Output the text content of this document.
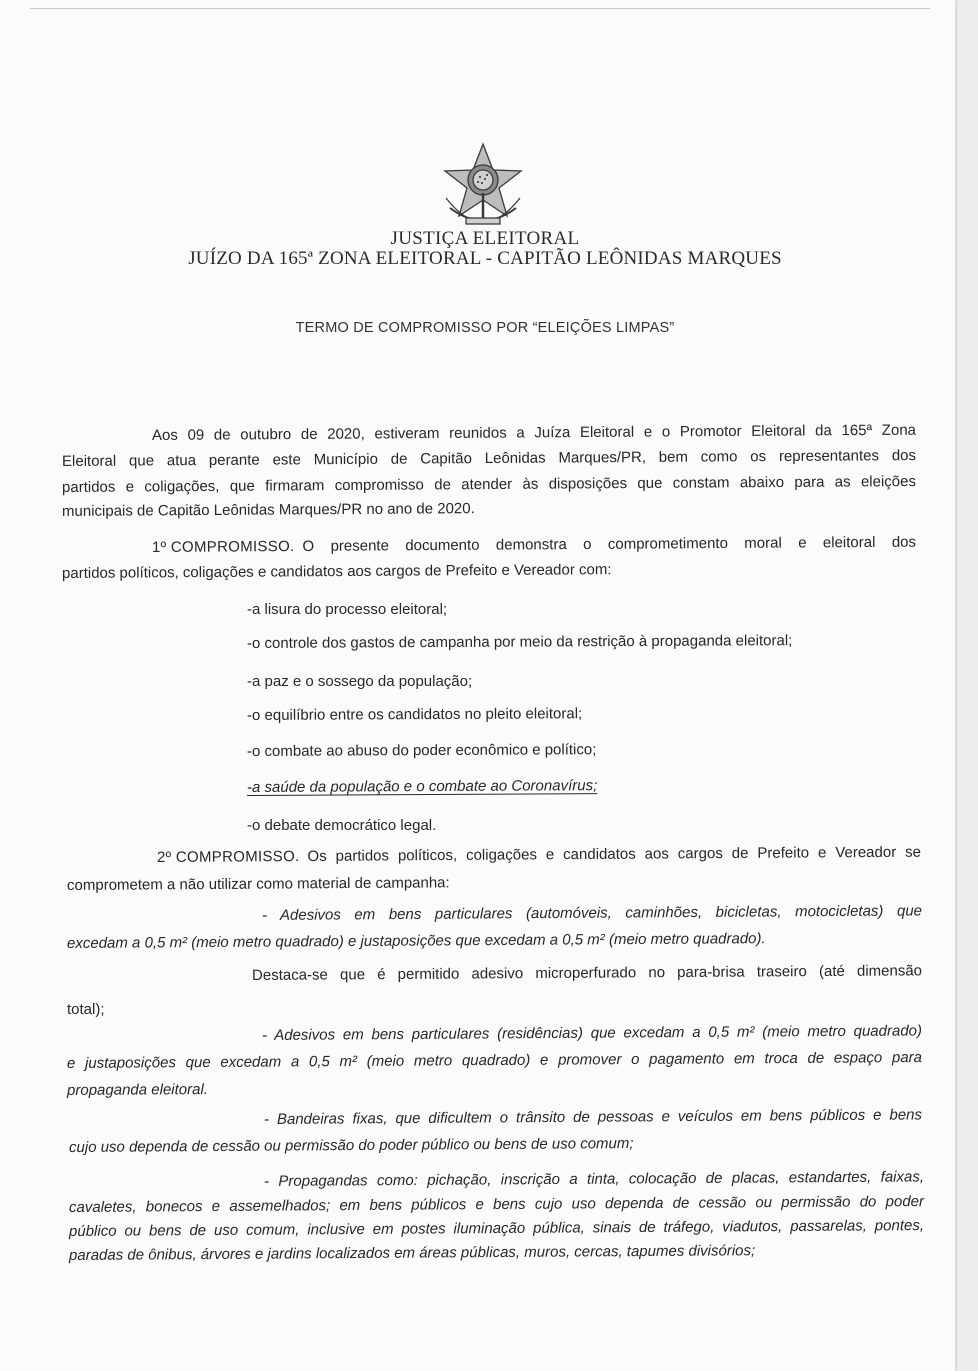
JUSTIÇA ELEITORAL
JUÍZO DA 165ª ZONA ELEITORAL - CAPITÃO LEÔNIDAS MARQUES
TERMO DE COMPROMISSO POR “ELEIÇÕES LIMPAS”
Aos 09 de outubro de 2020, estiveram reunidos a Juíza Eleitoral e o Promotor Eleitoral da 165ª Zona
Eleitoral que atua perante este Município de Capitão Leônidas Marques/PR, bem como os representantes dos
partidos e coligações, que firmaram compromisso de atender às disposições que constam abaixo para as eleições
municipais de Capitão Leônidas Marques/PR no ano de 2020.
1º COMPROMISSO. O presente documento demonstra o comprometimento moral e eleitoral dos
partidos políticos, coligações e candidatos aos cargos de Prefeito e Vereador com:
-a lisura do processo eleitoral;
-o controle dos gastos de campanha por meio da restrição à propaganda eleitoral;
-a paz e o sossego da população;
-o equilíbrio entre os candidatos no pleito eleitoral;
-o combate ao abuso do poder econômico e político;
-a saúde da população e o combate ao Coronavírus;
-o debate democrático legal.
2º COMPROMISSO. Os partidos políticos, coligações e candidatos aos cargos de Prefeito e Vereador se
comprometem a não utilizar como material de campanha:
- Adesivos em bens particulares (automóveis, caminhões, bicicletas, motocicletas) que
excedam a 0,5 m² (meio metro quadrado) e justaposições que excedam a 0,5 m² (meio metro quadrado).
Destaca-se que é permitido adesivo microperfurado no para-brisa traseiro (até dimensão
total);
- Adesivos em bens particulares (residências) que excedam a 0,5 m² (meio metro quadrado)
e justaposições que excedam a 0,5 m² (meio metro quadrado) e promover o pagamento em troca de espaço para
propaganda eleitoral.
- Bandeiras fixas, que dificultem o trânsito de pessoas e veículos em bens públicos e bens
cujo uso dependa de cessão ou permissão do poder público ou bens de uso comum;
- Propagandas como: pichação, inscrição a tinta, colocação de placas, estandartes, faixas,
cavaletes, bonecos e assemelhados; em bens públicos e bens cujo uso dependa de cessão ou permissão do poder
público ou bens de uso comum, inclusive em postes iluminação pública, sinais de tráfego, viadutos, passarelas, pontes,
paradas de ônibus, árvores e jardins localizados em áreas públicas, muros, cercas, tapumes divisórios;
